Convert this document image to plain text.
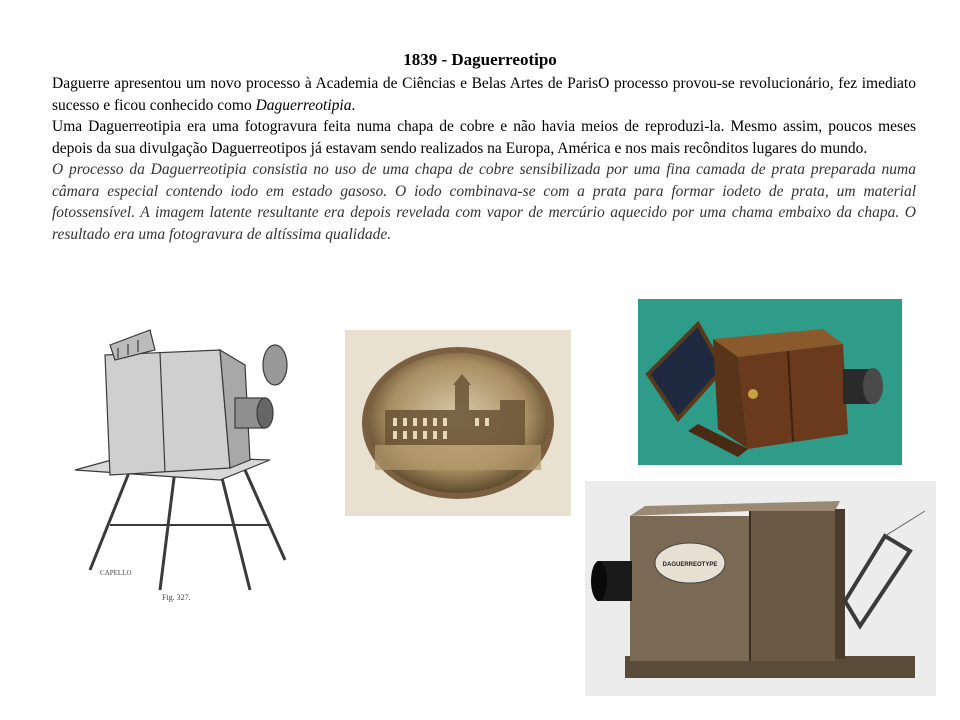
1839 - Daguerreotipo

Daguerre apresentou um novo processo à Academia de Ciências e Belas Artes de ParisO processo provou-se revolucionário, fez imediato sucesso e ficou conhecido como Daguerreotipia.

Uma Daguerreotipia era uma fotogravura feita numa chapa de cobre e não havia meios de reproduzi-la. Mesmo assim, poucos meses depois da sua divulgação Daguerreotipos já estavam sendo realizados na Europa, América e nos mais recônditos lugares do mundo.

O processo da Daguerreotipia consistia no uso de uma chapa de cobre sensibilizada por uma fina camada de prata preparada numa câmara especial contendo iodo em estado gasoso. O iodo combinava-se com a prata para formar iodeto de prata, um material fotossensível. A imagem latente resultante era depois revelada com vapor de mercúrio aquecido por uma chama embaixo da chapa. O resultado era uma fotogravura de altíssima qualidade.

CAPELLO
Fig. 327.
DAGUERREOTYPE
